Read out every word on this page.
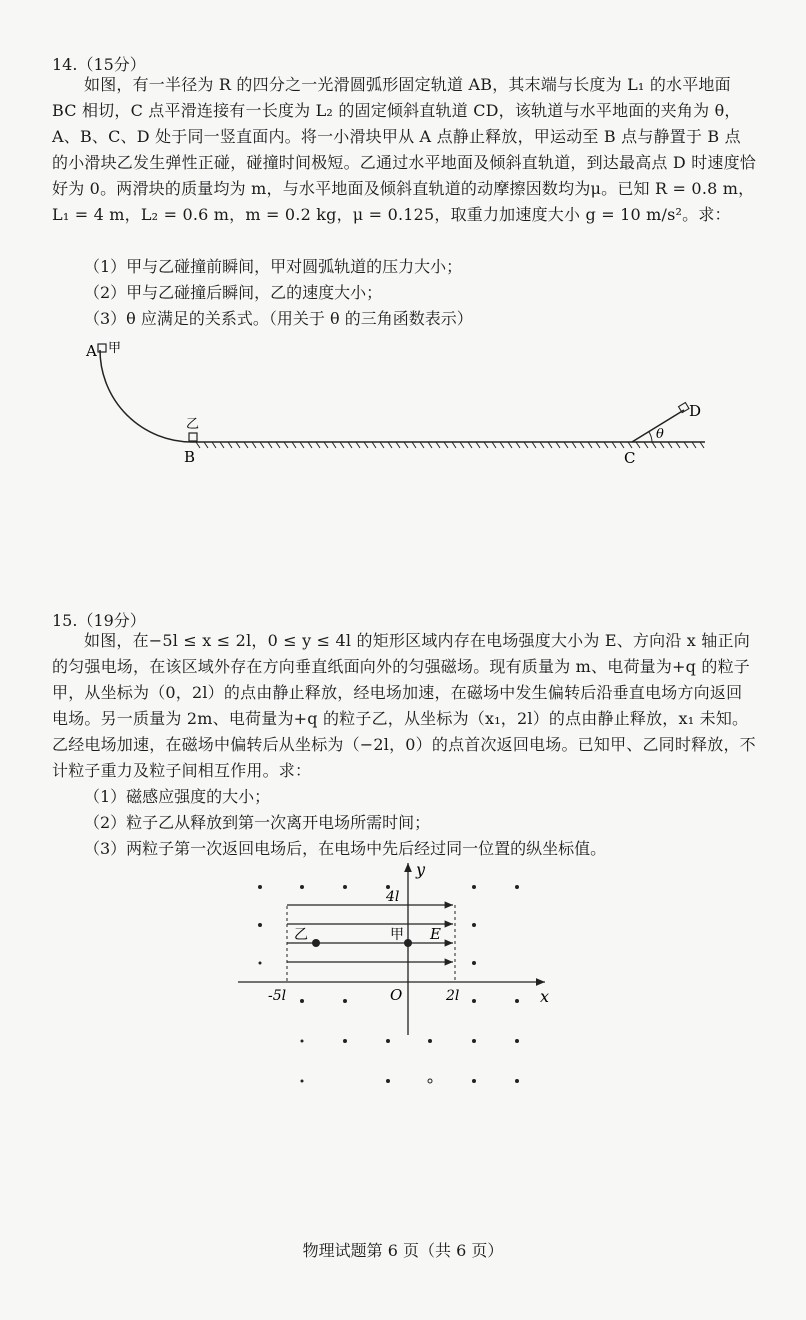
14.（15分）

如图，有一半径为 R 的四分之一光滑圆弧形固定轨道 AB，其末端与长度为 L₁ 的水平地面 BC 相切，C 点平滑连接有一长度为 L₂ 的固定倾斜直轨道 CD，该轨道与水平地面的夹角为 θ，A、B、C、D 处于同一竖直面内。将一小滑块甲从 A 点静止释放，甲运动至 B 点与静置于 B 点的小滑块乙发生弹性正碰，碰撞时间极短。乙通过水平地面及倾斜直轨道，到达最高点 D 时速度恰好为 0。两滑块的质量均为 m，与水平地面及倾斜直轨道的动摩擦因数均为μ。已知 R = 0.8 m，L₁ = 4 m，L₂ = 0.6 m，m = 0.2 kg，μ = 0.125，取重力加速度大小 g = 10 m/s²。求：

（1）甲与乙碰撞前瞬间，甲对圆弧轨道的压力大小；

（2）甲与乙碰撞后瞬间，乙的速度大小；

（3）θ 应满足的关系式。（用关于 θ 的三角函数表示）

A 甲
乙
B
D
θ
C
15.（19分）

如图，在−5l ≤ x ≤ 2l，0 ≤ y ≤ 4l 的矩形区域内存在电场强度大小为 E、方向沿 x 轴正向的匀强电场，在该区域外存在方向垂直纸面向外的匀强磁场。现有质量为 m、电荷量为+q 的粒子甲，从坐标为（0，2l）的点由静止释放，经电场加速，在磁场中发生偏转后沿垂直电场方向返回电场。另一质量为 2m、电荷量为+q 的粒子乙，从坐标为（x₁，2l）的点由静止释放，x₁ 未知。乙经电场加速，在磁场中偏转后从坐标为（−2l，0）的点首次返回电场。已知甲、乙同时释放，不计粒子重力及粒子间相互作用。求：

（1）磁感应强度的大小；

（2）粒子乙从释放到第一次离开电场所需时间；

（3）两粒子第一次返回电场后，在电场中先后经过同一位置的纵坐标值。

y
x
4l
乙	甲 E
-5l	O	2l
物理试题第 6 页（共 6 页）
